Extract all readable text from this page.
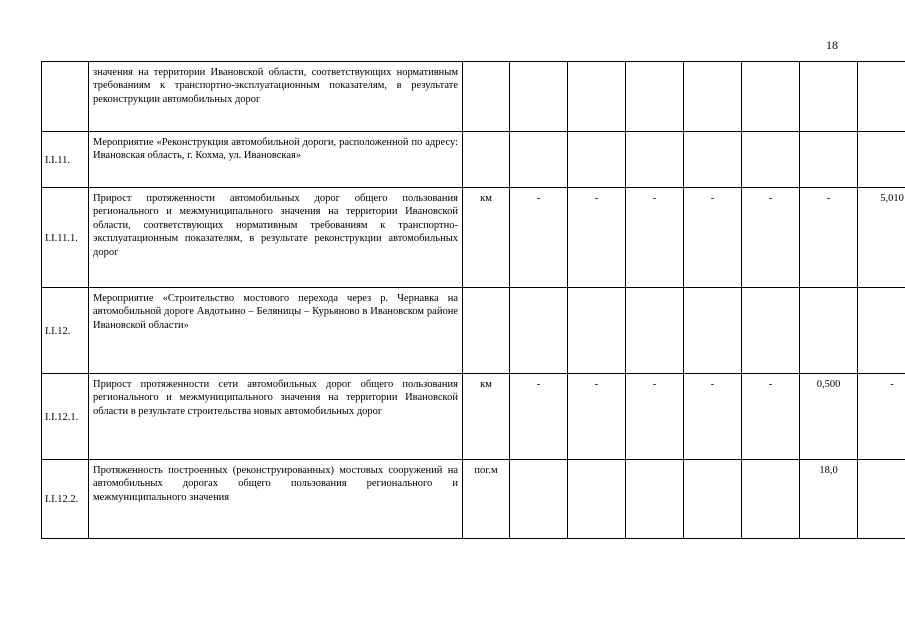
18
	значения на территории Ивановской области, соответствующих нормативным требованиям к транспортно-эксплуатационным показателям, в результате реконструкции автомобильных дорог								
I.I.11.	Мероприятие «Реконструкция автомобильной дороги, расположенной по адресу: Ивановская область, г. Кохма, ул. Ивановская»								
I.I.11.1.	Прирост протяженности автомобильных дорог общего пользования регионального и межмуниципального значения на территории Ивановской области, соответствующих нормативным требованиям к транспортно-эксплуатационным показателям, в результате реконструкции автомобильных дорог	км	-	-	-	-	-	-	5,010
I.I.12.	Мероприятие «Строительство мостового перехода через р. Чернавка на автомобильной дороге Авдотьино – Беляницы – Курьяново в Ивановском районе Ивановской области»								
I.I.12.1.	Прирост протяженности сети автомобильных дорог общего пользования регионального и межмуниципального значения на территории Ивановской области в результате строительства новых автомобильных дорог	км	-	-	-	-	-	0,500	-
I.I.12.2.	Протяженность построенных (реконструированных) мостовых сооружений на автомобильных дорогах общего пользования регионального и межмуниципального значения	пог.м						18,0	
